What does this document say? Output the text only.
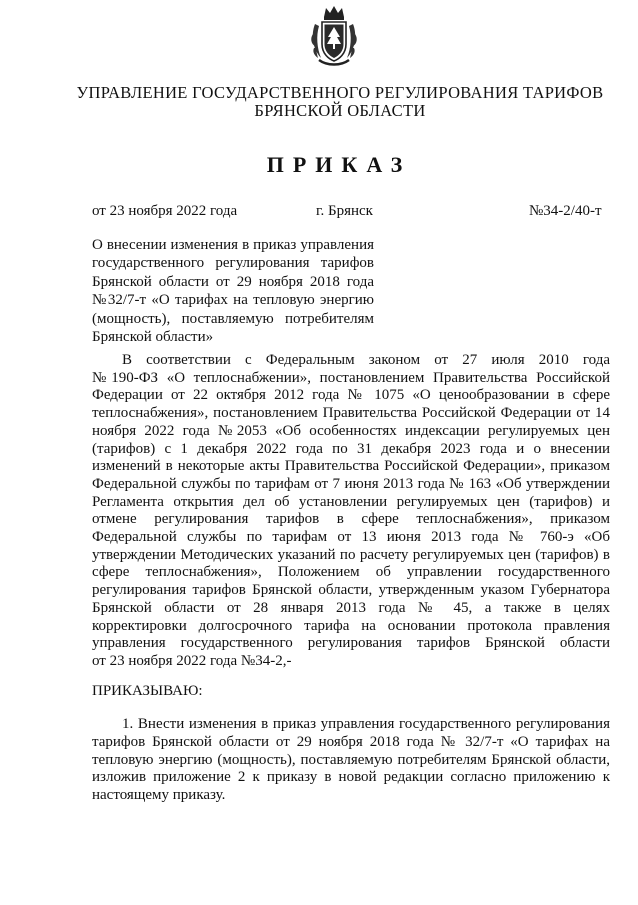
УПРАВЛЕНИЕ ГОСУДАРСТВЕННОГО РЕГУЛИРОВАНИЯ ТАРИФОВ
БРЯНСКОЙ ОБЛАСТИ
ПРИКАЗ
от 23 ноября 2022 года	г. Брянск	№34-2/40-т
О внесении изменения в приказ управления
государственного регулирования тарифов
Брянской области от 29 ноября 2018 года
№32/7-т «О тарифах на тепловую энергию
(мощность), поставляемую потребителям
Брянской области»
В соответствии с Федеральным законом от 27 июля 2010 года
№190-ФЗ «О теплоснабжении», постановлением Правительства Российской
Федерации от 22 октября 2012 года № 1075 «О ценообразовании в сфере
теплоснабжения», постановлением Правительства Российской Федерации от 14
ноября 2022 года №2053 «Об особенностях индексации регулируемых цен
(тарифов) с 1 декабря 2022 года по 31 декабря 2023 года и о внесении
изменений в некоторые акты Правительства Российской Федерации», приказом
Федеральной службы по тарифам от 7 июня 2013 года № 163 «Об утверждении
Регламента открытия дел об установлении регулируемых цен (тарифов) и
отмене регулирования тарифов в сфере теплоснабжения», приказом
Федеральной службы по тарифам от 13 июня 2013 года № 760-э «Об
утверждении Методических указаний по расчету регулируемых цен (тарифов) в
сфере теплоснабжения», Положением об управлении государственного
регулирования тарифов Брянской области, утвержденным указом Губернатора
Брянской области от 28 января 2013 года № 45, а также в целях
корректировки долгосрочного тарифа на основании протокола правления
управления государственного регулирования тарифов Брянской области
от 23 ноября 2022 года №34-2,-
ПРИКАЗЫВАЮ:
1. Внести изменения в приказ управления государственного регулирования
тарифов Брянской области от 29 ноября 2018 года № 32/7-т «О тарифах на
тепловую энергию (мощность), поставляемую потребителям Брянской области,
изложив приложение 2 к приказу в новой редакции согласно приложению к
настоящему приказу.
